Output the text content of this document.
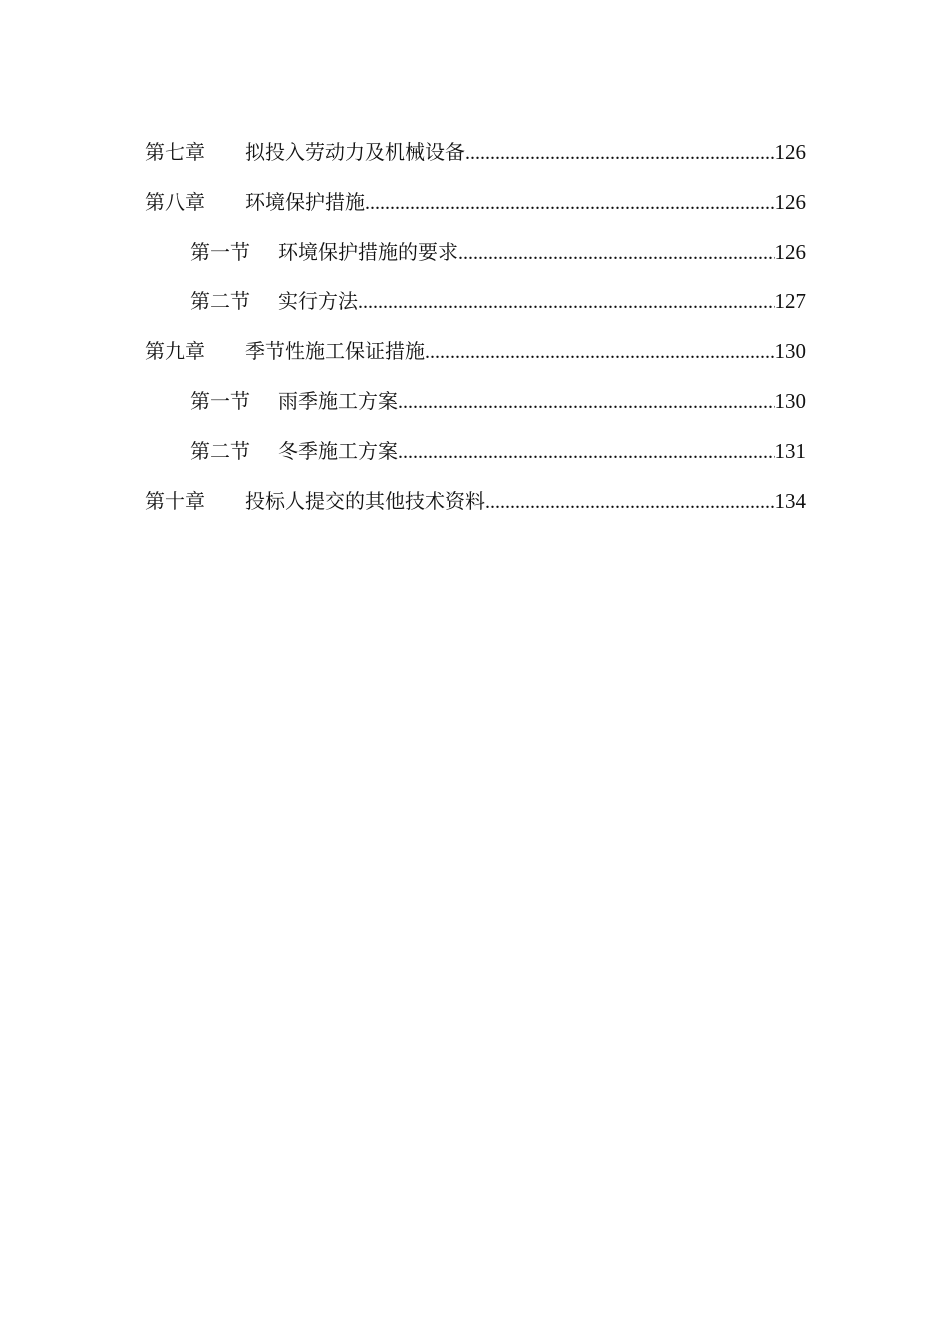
第七章	拟投入劳动力及机械设备 .....	126
第八章	环境保护措施 .....	126
第一节	环境保护措施的要求 .....	126
第二节	实行方法 .....	127
第九章	季节性施工保证措施 .....	130
第一节	雨季施工方案 .....	130
第二节	冬季施工方案 .....	131
第十章	投标人提交的其他技术资料 .....	134
